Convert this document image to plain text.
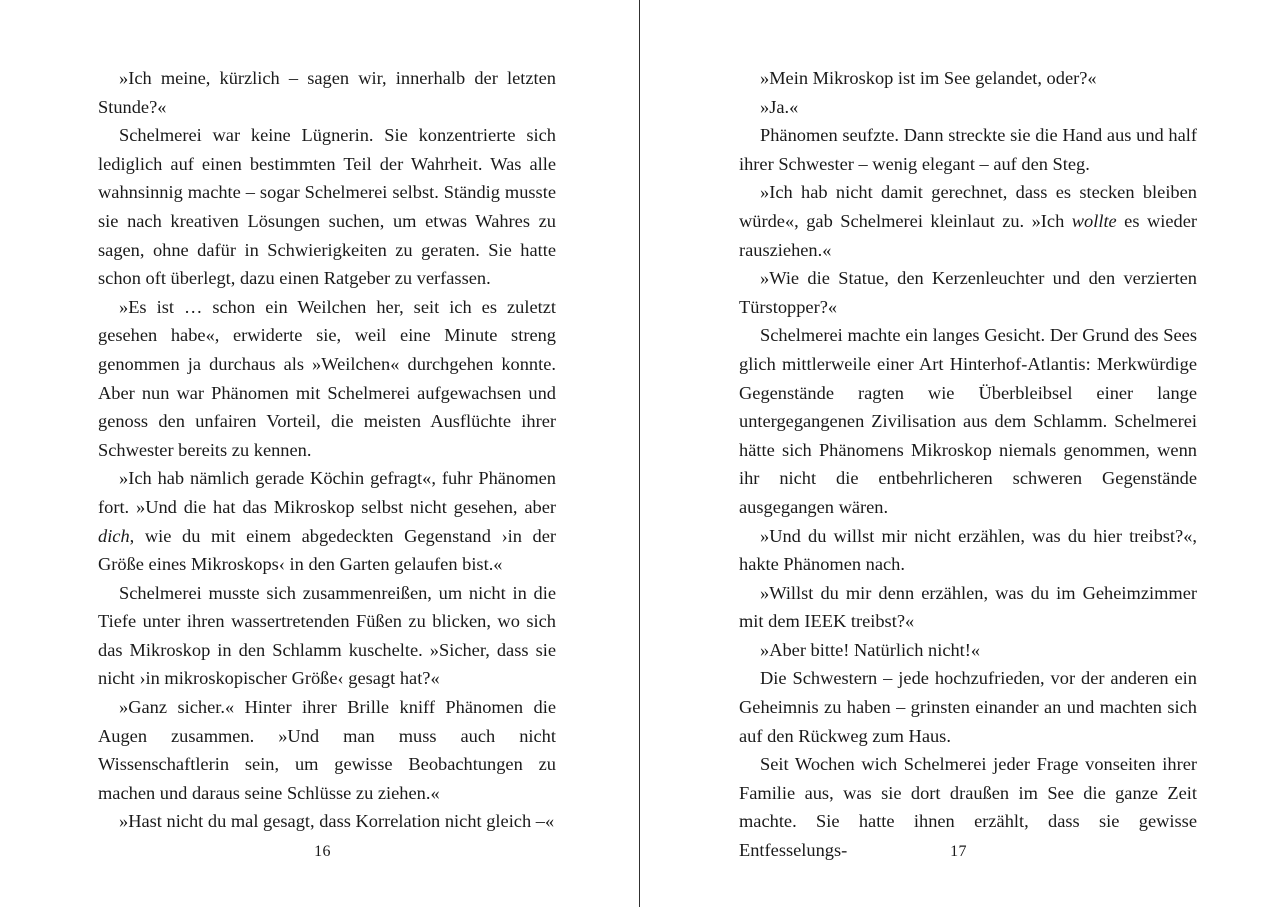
»Ich meine, kürzlich – sagen wir, innerhalb der letzten Stunde?«

Schelmerei war keine Lügnerin. Sie konzentrierte sich lediglich auf einen bestimmten Teil der Wahrheit. Was alle wahnsinnig machte – sogar Schelmerei selbst. Ständig musste sie nach kreativen Lösungen suchen, um etwas Wahres zu sagen, ohne dafür in Schwierigkeiten zu geraten. Sie hatte schon oft überlegt, dazu einen Ratgeber zu verfassen.

»Es ist … schon ein Weilchen her, seit ich es zuletzt gesehen habe«, erwiderte sie, weil eine Minute streng genommen ja durchaus als »Weilchen« durchgehen konnte. Aber nun war Phänomen mit Schelmerei aufgewachsen und genoss den unfairen Vorteil, die meisten Ausflüchte ihrer Schwester bereits zu kennen.

»Ich hab nämlich gerade Köchin gefragt«, fuhr Phänomen fort. »Und die hat das Mikroskop selbst nicht gesehen, aber dich, wie du mit einem abgedeckten Gegenstand ›in der Größe eines Mikroskops‹ in den Garten gelaufen bist.«

Schelmerei musste sich zusammenreißen, um nicht in die Tiefe unter ihren wassertretenden Füßen zu blicken, wo sich das Mikroskop in den Schlamm kuschelte. »Sicher, dass sie nicht ›in mikroskopischer Größe‹ gesagt hat?«

»Ganz sicher.« Hinter ihrer Brille kniff Phänomen die Augen zusammen. »Und man muss auch nicht Wissenschaftlerin sein, um gewisse Beobachtungen zu machen und daraus seine Schlüsse zu ziehen.«

»Hast nicht du mal gesagt, dass Korrelation nicht gleich –«

16

»Mein Mikroskop ist im See gelandet, oder?«

»Ja.«

Phänomen seufzte. Dann streckte sie die Hand aus und half ihrer Schwester – wenig elegant – auf den Steg.

»Ich hab nicht damit gerechnet, dass es stecken bleiben würde«, gab Schelmerei kleinlaut zu. »Ich wollte es wieder rausziehen.«

»Wie die Statue, den Kerzenleuchter und den verzierten Türstopper?«

Schelmerei machte ein langes Gesicht. Der Grund des Sees glich mittlerweile einer Art Hinterhof-Atlantis: Merkwürdige Gegenstände ragten wie Überbleibsel einer lange untergegangenen Zivilisation aus dem Schlamm. Schelmerei hätte sich Phänomens Mikroskop niemals genommen, wenn ihr nicht die entbehrlicheren schweren Gegenstände ausgegangen wären.

»Und du willst mir nicht erzählen, was du hier treibst?«, hakte Phänomen nach.

»Willst du mir denn erzählen, was du im Geheimzimmer mit dem IEEK treibst?«

»Aber bitte! Natürlich nicht!«

Die Schwestern – jede hochzufrieden, vor der anderen ein Geheimnis zu haben – grinsten einander an und machten sich auf den Rückweg zum Haus.

Seit Wochen wich Schelmerei jeder Frage vonseiten ihrer Familie aus, was sie dort draußen im See die ganze Zeit machte. Sie hatte ihnen erzählt, dass sie gewisse Entfesselungs-	17
